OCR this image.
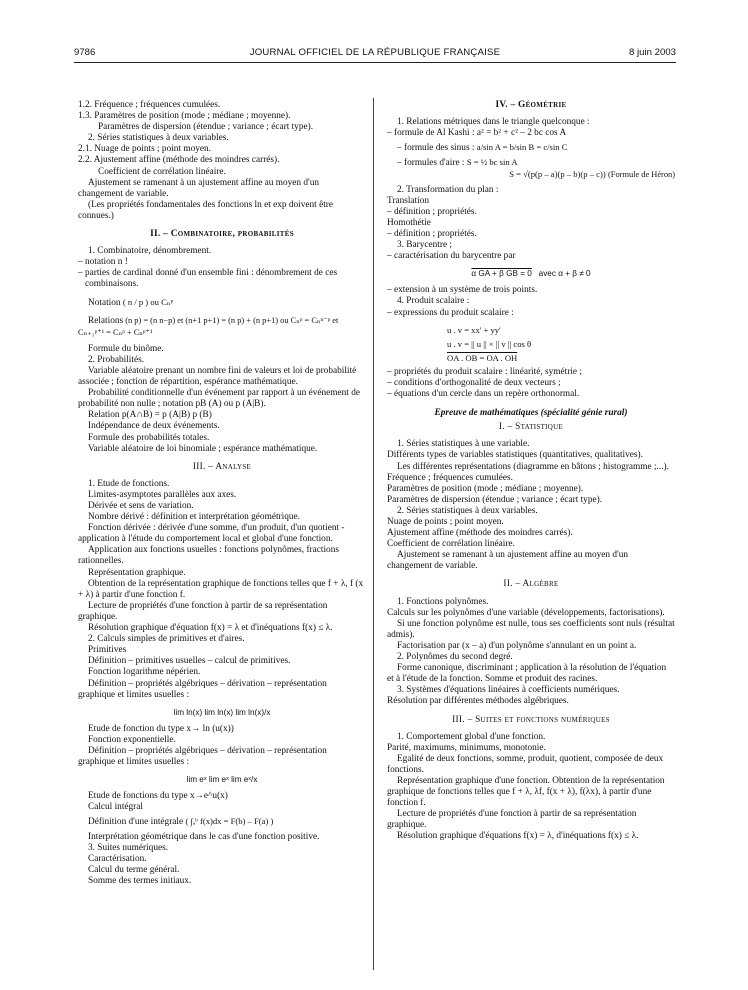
9786	JOURNAL OFFICIEL DE LA RÉPUBLIQUE FRANÇAISE	8 juin 2003

1.2. Fréquence ; fréquences cumulées.

1.3. Paramètres de position (mode ; médiane ; moyenne).

Paramètres de dispersion (étendue ; variance ; écart type).

2. Séries statistiques à deux variables.

2.1. Nuage de points ; point moyen.

2.2. Ajustement affine (méthode des moindres carrés).

Coefficient de corrélation linéaire.

Ajustement se ramenant à un ajustement affine au moyen d'un changement de variable.

(Les propriétés fondamentales des fonctions ln et exp doivent être connues.)

II. – Combinatoire, probabilités

1. Combinatoire, dénombrement.

– notation n !

– parties de cardinal donné d'un ensemble fini : dénombrement de ces combinaisons.

Notation ( n / p ) ou Cₙᵖ

Relations (n p) = (n n−p) et (n+1 p+1) = (n p) + (n p+1) ou Cₙᵖ = Cₙⁿ⁻ᵖ et Cₙ₊₁ᵖ⁺¹ = Cₙᵖ + Cₙᵖ⁺¹

Formule du binôme.

2. Probabilités.

Variable aléatoire prenant un nombre fini de valeurs et loi de probabilité associée ; fonction de répartition, espérance mathématique.

Probabilité conditionnelle d'un événement par rapport à un événement de probabilité non nulle ; notation pB (A) ou p (A|B).

Relation p(A∩B) = p (A|B) p (B)

Indépendance de deux événements.

Formule des probabilités totales.

Variable aléatoire de loi binomiale ; espérance mathématique.

III. – Analyse

1. Etude de fonctions.

Limites-asymptotes parallèles aux axes.

Dérivée et sens de variation.

Nombre dérivé : définition et interprétation géométrique.

Fonction dérivée : dérivée d'une somme, d'un produit, d'un quotient - application à l'étude du comportement local et global d'une fonction.

Application aux fonctions usuelles : fonctions polynômes, fractions rationnelles.

Représentation graphique.

Obtention de la représentation graphique de fonctions telles que f + λ, f (x + λ) à partir d'une fonction f.

Lecture de propriétés d'une fonction à partir de sa représentation graphique.

Résolution graphique d'équation f(x) = λ et d'inéquations f(x) ≤ λ.

2. Calculs simples de primitives et d'aires.

Primitives

Définition – primitives usuelles – calcul de primitives.

Fonction logarithme népérien.

Définition – propriétés algébriques – dérivation – représentation graphique et limites usuelles :

lim ln(x) lim ln(x) lim ln(x)/x

Etude de fonction du type x→ ln (u(x))

Fonction exponentielle.

Définition – propriétés algébriques – dérivation – représentation graphique et limites usuelles :

lim eˣ lim eˣ lim eˣ/x

Etude de fonctions du type x→e^u(x)

Calcul intégral

Définition d'une intégrale ( ∫ₐᵇ f(x)dx = F(b) – F(a) )

Interprétation géométrique dans le cas d'une fonction positive.

3. Suites numériques.

Caractérisation.

Calcul du terme général.

Somme des termes initiaux.

IV. – Géométrie

1. Relations métriques dans le triangle quelconque :

– formule de Al Kashi : a² = b² + c² – 2 bc cos A

– formule des sinus : a/sin A = b/sin B = c/sin C

– formules d'aire : S = ½ bc sin A

S = √(p(p – a)(p – b)(p – c)) (Formule de Héron)

2. Transformation du plan :

Translation

– définition ; propriétés.

Homothétie

– définition ; propriétés.

3. Barycentre ;

– caractérisation du barycentre par

α GA + β GB = 0 avec α + β ≠ 0

– extension à un système de trois points.

4. Produit scalaire :

– expressions du produit scalaire :

u . v = xx' + yy'

u . v = || u || × || v || cos θ

OA . OB = OA . OH

– propriétés du produit scalaire : linéarité, symétrie ;

– conditions d'orthogonalité de deux vecteurs ;

– équations d'un cercle dans un repère orthonormal.

Epreuve de mathématiques (spécialité génie rural)

I. – Statistique

1. Séries statistiques à une variable.

Différents types de variables statistiques (quantitatives, qualitatives).

Les différentes représentations (diagramme en bâtons ; histogramme ;...).

Fréquence ; fréquences cumulées.

Paramètres de position (mode ; médiane ; moyenne).

Paramètres de dispersion (étendue ; variance ; écart type).

2. Séries statistiques à deux variables.

Nuage de points ; point moyen.

Ajustement affine (méthode des moindres carrés).

Coefficient de corrélation linéaire.

Ajustement se ramenant à un ajustement affine au moyen d'un changement de variable.

II. – Algèbre

1. Fonctions polynômes.

Calculs sur les polynômes d'une variable (développements, factorisations).

Si une fonction polynôme est nulle, tous ses coefficients sont nuls (résultat admis).

Factorisation par (x – a) d'un polynôme s'annulant en un point a.

2. Polynômes du second degré.

Forme canonique, discriminant ; application à la résolution de l'équation et à l'étude de la fonction. Somme et produit des racines.

3. Systèmes d'équations linéaires à coefficients numériques.

Résolution par différentes méthodes algébriques.

III. – Suites et fonctions numériques

1. Comportement global d'une fonction.

Parité, maximums, minimums, monotonie.

Egalité de deux fonctions, somme, produit, quotient, composée de deux fonctions.

Représentation graphique d'une fonction. Obtention de la représentation graphique de fonctions telles que f + λ, λf, f(x + λ), f(λx), à partir d'une fonction f.

Lecture de propriétés d'une fonction à partir de sa représentation graphique.

Résolution graphique d'équations f(x) = λ, d'inéquations f(x) ≤ λ.
